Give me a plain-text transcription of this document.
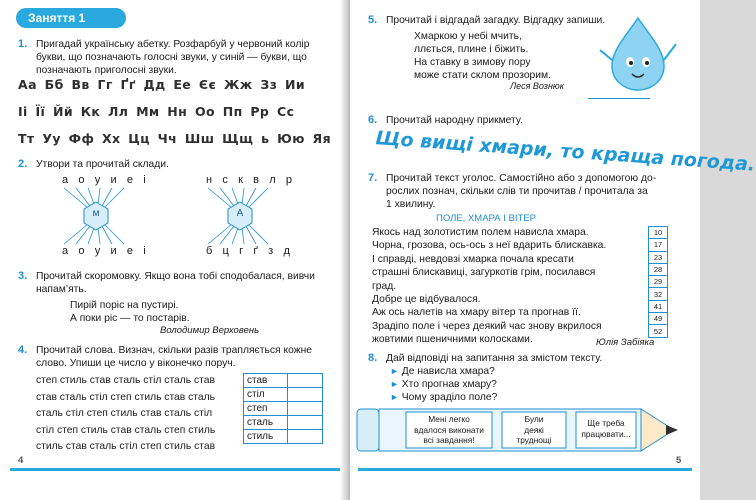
Заняття 1
1. Пригадай українську абетку. Розфарбуй у червоний колір
букви, що позначають голосні звуки, у синій — букви, що
позначають приголосні звуки.
Аа Бб Вв Гг Ґґ Дд Ее Єє Жж Зз Ии
Іі Її Йй Кк Лл Мм Нн Оо Пп Рр Сс
Тт Уу Фф Хх Цц Чч Шш Щщ ь Юю Яя
2. Утвори та прочитай склади.
а о у и е і
м
а о у и е і
н с к в л р
А
б ц г ґ з д
3. Прочитай скоромовку. Якщо вона тобі сподобалася, вивчи
напам’ять.
Пирій поріс на пустирі.
А поки ріс — то постарів.
Володимир Верховень
4. Прочитай слова. Визнач, скільки разів трапляється кожне
слово. Упиши це число у віконечко поруч.
степ стиль став сталь стіл сталь став
став сталь стіл степ стиль став сталь
сталь стіл степ стиль став сталь стіл
стіл степ стиль став сталь степ стиль
стиль став сталь стіл степ стиль став
став	
стіл	
степ	
сталь	
стиль	
4
5. Прочитай і відгадай загадку. Відгадку запиши.
Хмаркою у небі мчить,
ллється, плине і біжить.
На ставку в зимову пору
може стати склом прозорим.
Леся Вознюк
6. Прочитай народну прикмету.
Що вищі хмари, то краща погода.
7. Прочитай текст уголос. Самостійно або з допомогою до-
рослих познач, скільки слів ти прочитав / прочитала за
1 хвилину.
ПОЛЕ, ХМАРА І ВІТЕР
Якось над золотистим полем нависла хмара.
Чорна, грозова, ось-ось з неї вдарить блискавка.
І справді, невдовзі хмарка почала кресати
страшні блискавиці, загуркотів грім, посилався
град.
Добре це відбувалося.
Аж ось налетів на хмару вітер та прогнав її.
Зрадіпо поле і через деякий час знову вкрилося
жовтими пшеничними колосками.
10
17
23
28
29
32
41
49
52
Юлія Забіяка
8. Дай відповіді на запитання за змістом тексту.
► Де нависла хмара?
► Хто прогнав хмару?
► Чому зраділо поле?
Мені легко
вдалося виконати
всі завдання!
Були
деякі
труднощі
Ще треба
працювати...
5
